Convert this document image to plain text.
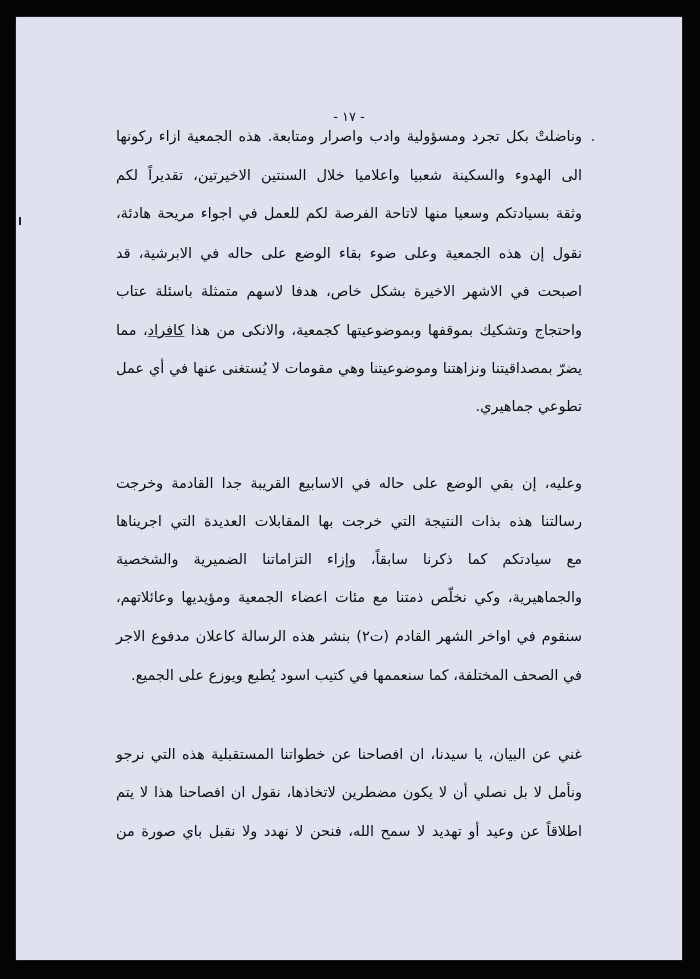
- ١٧ -
وناضلتْ بكل تجرد ومسؤولية وادب واصرار ومتابعة. هذه الجمعية ازاء ركونها
الى الهدوء والسكينة شعبيا واعلاميا خلال السنتين الاخيرتين، تقديراً لكم
وثقة بسيادتكم وسعيا منها لاتاحة الفرصة لكم للعمل في اجواء مريحة هادئة،
نقول إن هذه الجمعية وعلى ضوء بقاء الوضع على حاله في الابرشية، قد
اصبحت في الاشهر الاخيرة بشكل خاص، هدفا لاسهم متمثلة باسئلة عتاب
واحتجاج وتشكيك بموقفها وبموضوعيتها كجمعية، والانكى من هذا كافراد، مما
يضرّ بمصداقيتنا ونزاهتنا وموضوعيتنا وهي مقومات لا يُستغنى عنها في أي عمل
تطوعي جماهيري.
وعليه، إن بقي الوضع على حاله في الاسابيع القريبة جدا القادمة وخرجت
رسالتنا هذه بذات النتيجة التي خرجت بها المقابلات العديدة التي اجريناها
مع سيادتكم كما ذكرنا سابقاً، وإزاء التزاماتنا الضميرية والشخصية
والجماهيرية، وكي نخلّص ذمتنا مع مئات اعضاء الجمعية ومؤيديها وعائلاتهم،
سنقوم في اواخر الشهر القادم (ت٢) بنشر هذه الرسالة كاعلان مدفوع الاجر
في الصحف المختلفة، كما سنعممها في كتيب اسود يُطبع ويوزع على الجميع.
غني عن البيان، يا سيدنا، ان افصاحنا عن خطواتنا المستقبلية هذه التي نرجو
ونأمل لا بل نصلي أن لا يكون مضطرين لاتخاذها، نقول ان افصاحنا هذا لا يتم
اطلاقاً عن وعيد أو تهديد لا سمح الله، فنحن لا نهدد ولا نقبل باي صورة من
